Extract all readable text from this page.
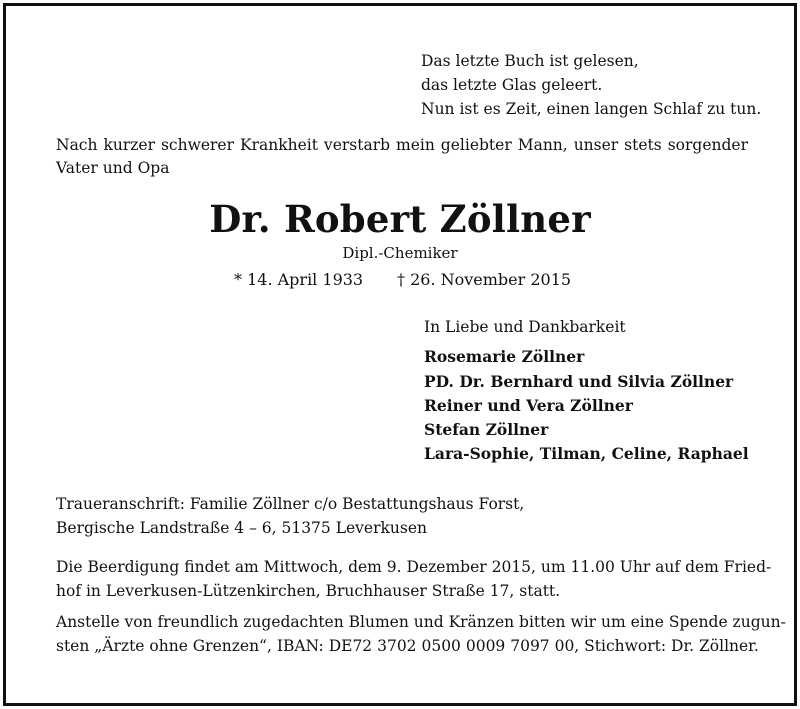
Das letzte Buch ist gelesen,
das letzte Glas geleert.
Nun ist es Zeit, einen langen Schlaf zu tun.
Nach kurzer schwerer Krankheit verstarb mein geliebter Mann, unser stets sorgender
Vater und Opa
Dr. Robert Zöllner
Dipl.-Chemiker
* 14. April 1933 † 26. November 2015
In Liebe und Dankbarkeit
Rosemarie Zöllner
PD. Dr. Bernhard und Silvia Zöllner
Reiner und Vera Zöllner
Stefan Zöllner
Lara-Sophie, Tilman, Celine, Raphael
Traueranschrift: Familie Zöllner c/o Bestattungshaus Forst,
Bergische Landstraße 4 – 6, 51375 Leverkusen
Die Beerdigung findet am Mittwoch, dem 9. Dezember 2015, um 11.00 Uhr auf dem Fried-
hof in Leverkusen-Lützenkirchen, Bruchhauser Straße 17, statt.
Anstelle von freundlich zugedachten Blumen und Kränzen bitten wir um eine Spende zugun-
sten „Ärzte ohne Grenzen“, IBAN: DE72 3702 0500 0009 7097 00, Stichwort: Dr. Zöllner.
